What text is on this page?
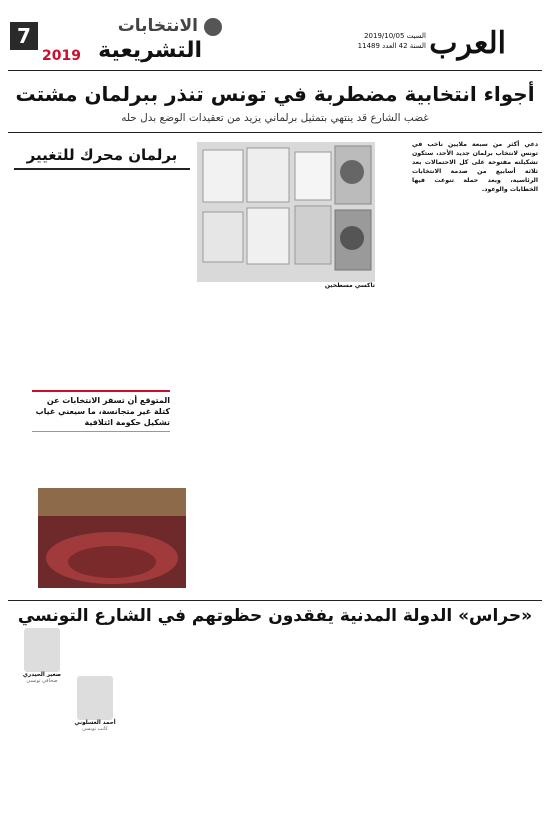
العرب
السبت 2019/10/05
السنة 42 العدد 11489
7	الانتخابات
التشريعية
2019
أجواء انتخابية مضطربة في تونس تنذر ببرلمان مشتت
غضب الشارع قد ينتهي بتمثيل برلماني يزيد من تعقيدات الوضع بدل حله

دعي أكثر من سبعة ملايين ناخب في تونس لانتخاب برلمان جديد الأحد، ستكون تشكيلته مفتوحة على كل الاحتمالات بعد ثلاثة أسابيع من صدمة الانتخابات الرئاسية، وبعد حملة تنوعت فيها الخطابات والوعود.

المتوقع أن تسفر الانتخابات عن كتلة غير متجانسة، ما سيعني غياب تشكيل حكومة ائتلافية
تاكسي مسطحين
برلمان محرك للتغيير
«حراس» الدولة المدنية يفقدون حظوتهم في الشارع التونسي
صغير الحيدري
صحافي تونسي
أحمد العسلوني
كاتب تونسي
